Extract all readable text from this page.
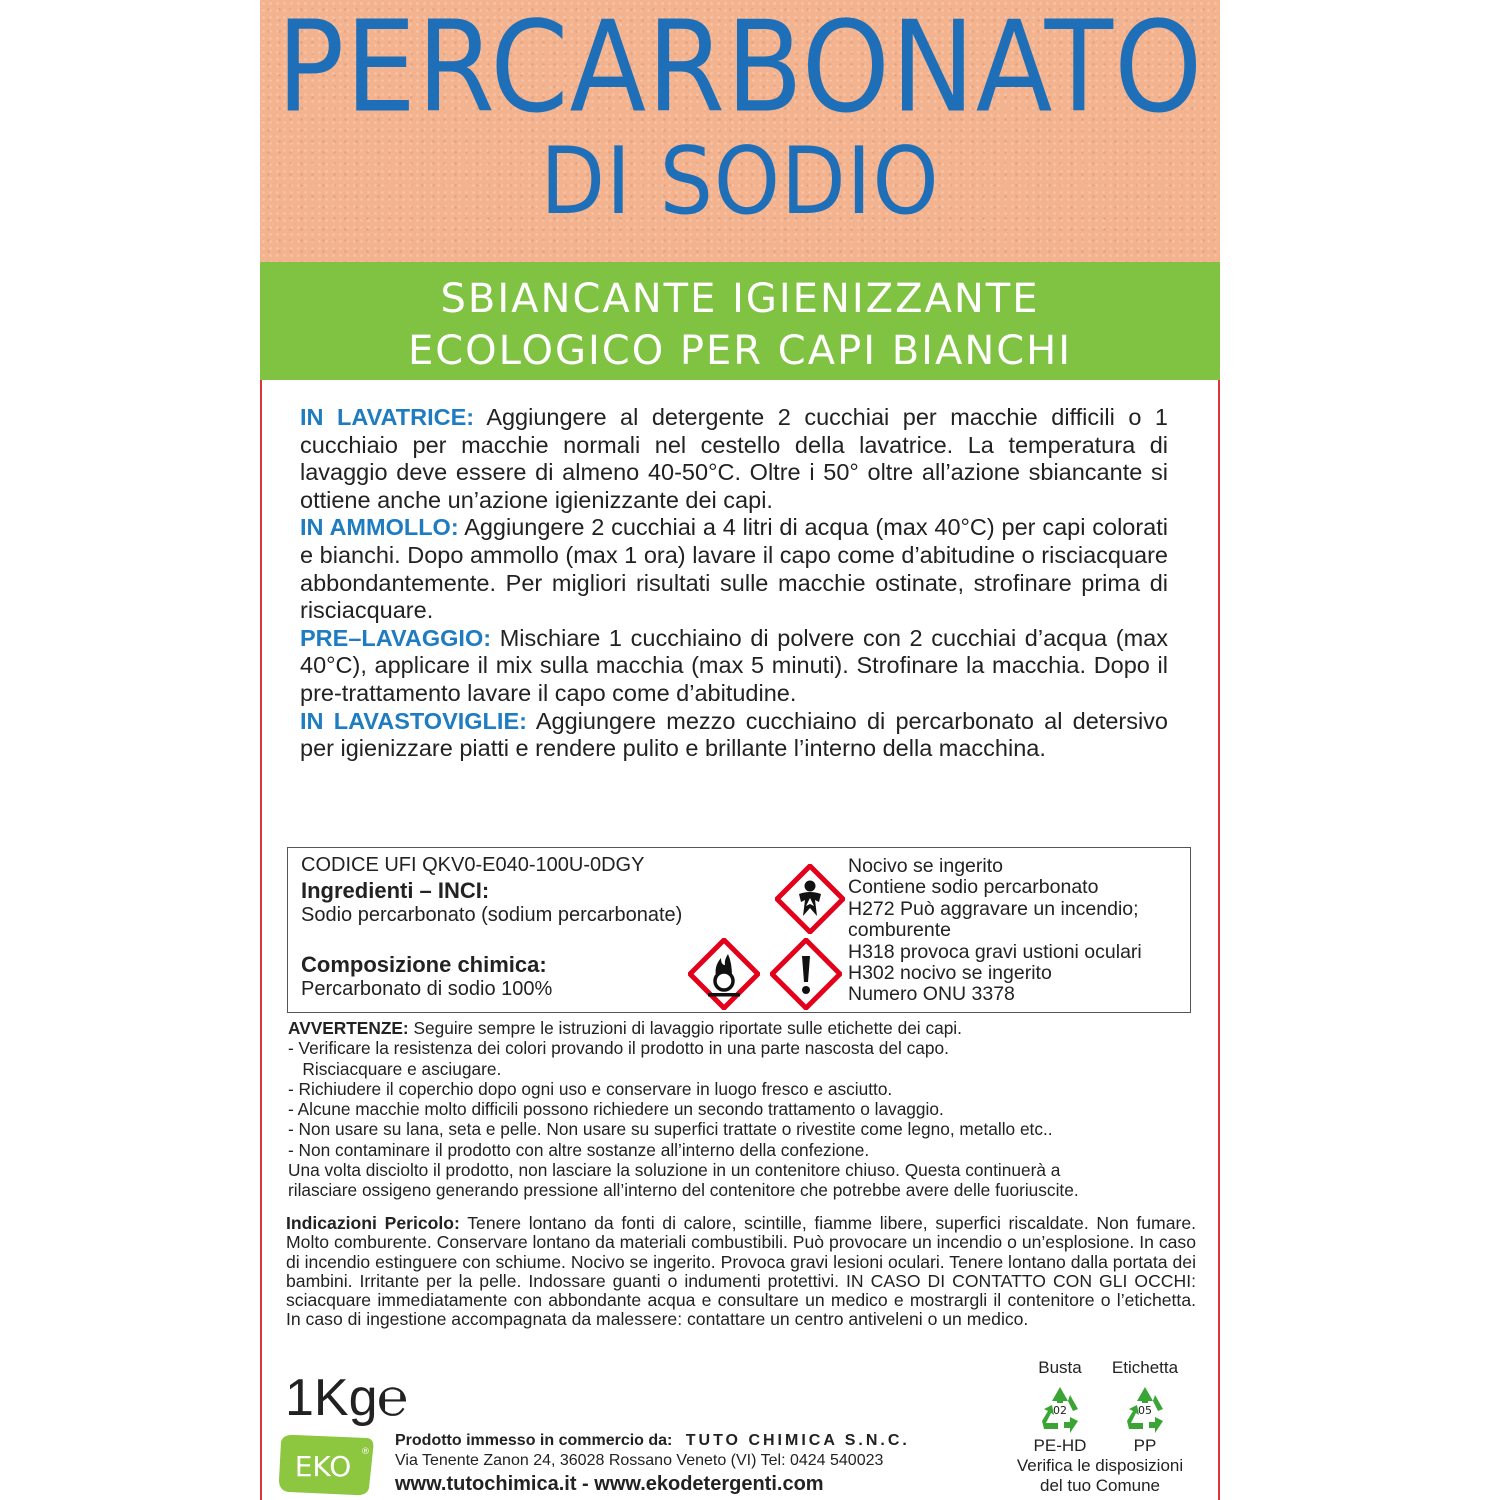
PERCARBONATO
DI SODIO
SBIANCANTE IGIENIZZANTE
ECOLOGICO PER CAPI BIANCHI

IN LAVATRICE: Aggiungere al detergente 2 cucchiai per macchie difficili o 1 cucchiaio per macchie normali nel cestello della lavatrice. La temperatura di lavaggio deve essere di almeno 40-50°C. Oltre i 50° oltre all’azione sbiancante si ottiene anche un’azione igienizzante dei capi.

IN AMMOLLO: Aggiungere 2 cucchiai a 4 litri di acqua (max 40°C) per capi colorati e bianchi. Dopo ammollo (max 1 ora) lavare il capo come d’abitudine o risciacquare abbondantemente. Per migliori risultati sulle macchie ostinate, strofinare prima di risciacquare.

PRE–LAVAGGIO: Mischiare 1 cucchiaino di polvere con 2 cucchiai d’acqua (max 40°C), applicare il mix sulla macchia (max 5 minuti). Strofinare la macchia. Dopo il pre-trattamento lavare il capo come d’abitudine.

IN LAVASTOVIGLIE: Aggiungere mezzo cucchiaino di percarbonato al detersivo per igienizzare piatti e rendere pulito e brillante l’interno della macchina.

CODICE UFI QKV0-E040-100U-0DGY
Ingredienti – INCI:
Sodio percarbonato (sodium percarbonate)
Composizione chimica:
Percarbonato di sodio 100%
Nocivo se ingerito
Contiene sodio percarbonato
H272 Può aggravare un incendio;
comburente
H318 provoca gravi ustioni oculari
H302 nocivo se ingerito
Numero ONU 3378
AVVERTENZE: Seguire sempre le istruzioni di lavaggio riportate sulle etichette dei capi.
- Verificare la resistenza dei colori provando il prodotto in una parte nascosta del capo.
Risciacquare e asciugare.
- Richiudere il coperchio dopo ogni uso e conservare in luogo fresco e asciutto.
- Alcune macchie molto difficili possono richiedere un secondo trattamento o lavaggio.
- Non usare su lana, seta e pelle. Non usare su superfici trattate o rivestite come legno, metallo etc..
- Non contaminare il prodotto con altre sostanze all’interno della confezione.
Una volta disciolto il prodotto, non lasciare la soluzione in un contenitore chiuso. Questa continuerà a
rilasciare ossigeno generando pressione all’interno del contenitore che potrebbe avere delle fuoriuscite.
Indicazioni Pericolo: Tenere lontano da fonti di calore, scintille, fiamme libere, superfici riscaldate. Non fumare. Molto comburente. Conservare lontano da materiali combustibili. Può provocare un incendio o un’esplosione. In caso di incendio estinguere con schiume. Nocivo se ingerito. Provoca gravi lesioni oculari. Tenere lontano dalla portata dei bambini. Irritante per la pelle. Indossare guanti o indumenti protettivi. IN CASO DI CONTATTO CON GLI OCCHI: sciacquare immediatamente con abbondante acqua e consultare un medico e mostrargli il contenitore o l’etichetta. In caso di ingestione accompagnata da malessere: contattare un centro antiveleni o un medico.
1Kg ℮
Busta	Etichetta
02	05
PE-HD	PP
Verifica le disposizioni
del tuo Comune
EKO ®
Prodotto immesso in commercio da: TUTO CHIMICA S.N.C.
Via Tenente Zanon 24, 36028 Rossano Veneto (VI) Tel: 0424 540023
www.tutochimica.it - www.ekodetergenti.com
